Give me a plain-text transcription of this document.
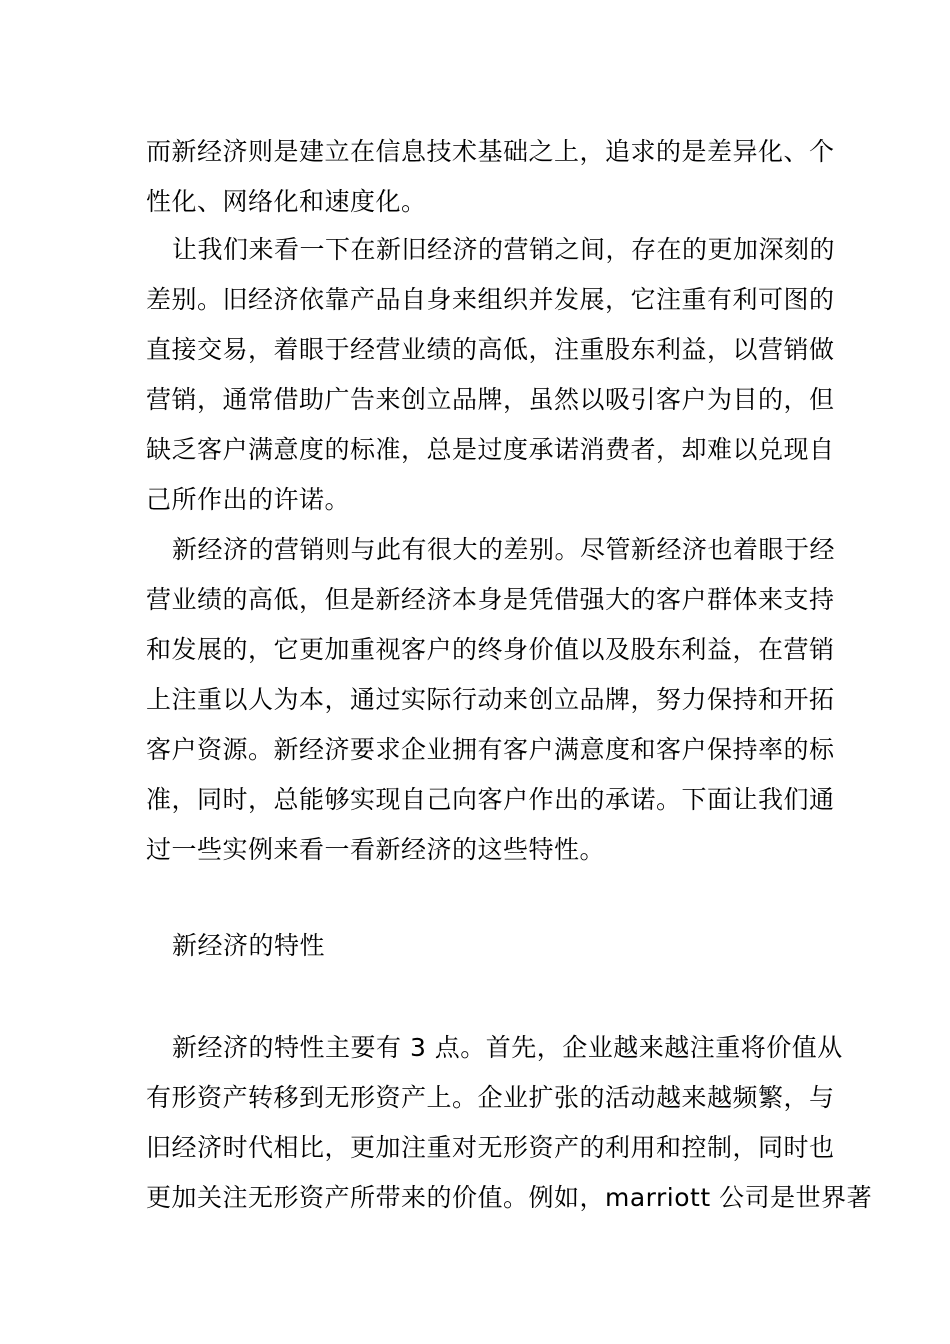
而新经济则是建立在信息技术基础之上，追求的是差异化、个
性化、网络化和速度化。
让我们来看一下在新旧经济的营销之间，存在的更加深刻的
差别。旧经济依靠产品自身来组织并发展，它注重有利可图的
直接交易，着眼于经营业绩的高低，注重股东利益，以营销做
营销，通常借助广告来创立品牌，虽然以吸引客户为目的，但
缺乏客户满意度的标准，总是过度承诺消费者，却难以兑现自
己所作出的许诺。
新经济的营销则与此有很大的差别。尽管新经济也着眼于经
营业绩的高低，但是新经济本身是凭借强大的客户群体来支持
和发展的，它更加重视客户的终身价值以及股东利益，在营销
上注重以人为本，通过实际行动来创立品牌，努力保持和开拓
客户资源。新经济要求企业拥有客户满意度和客户保持率的标
准，同时，总能够实现自己向客户作出的承诺。下面让我们通
过一些实例来看一看新经济的这些特性。
新经济的特性
新经济的特性主要有 3 点。首先，企业越来越注重将价值从
有形资产转移到无形资产上。企业扩张的活动越来越频繁，与
旧经济时代相比，更加注重对无形资产的利用和控制，同时也
更加关注无形资产所带来的价值。例如，marriott 公司是世界著
